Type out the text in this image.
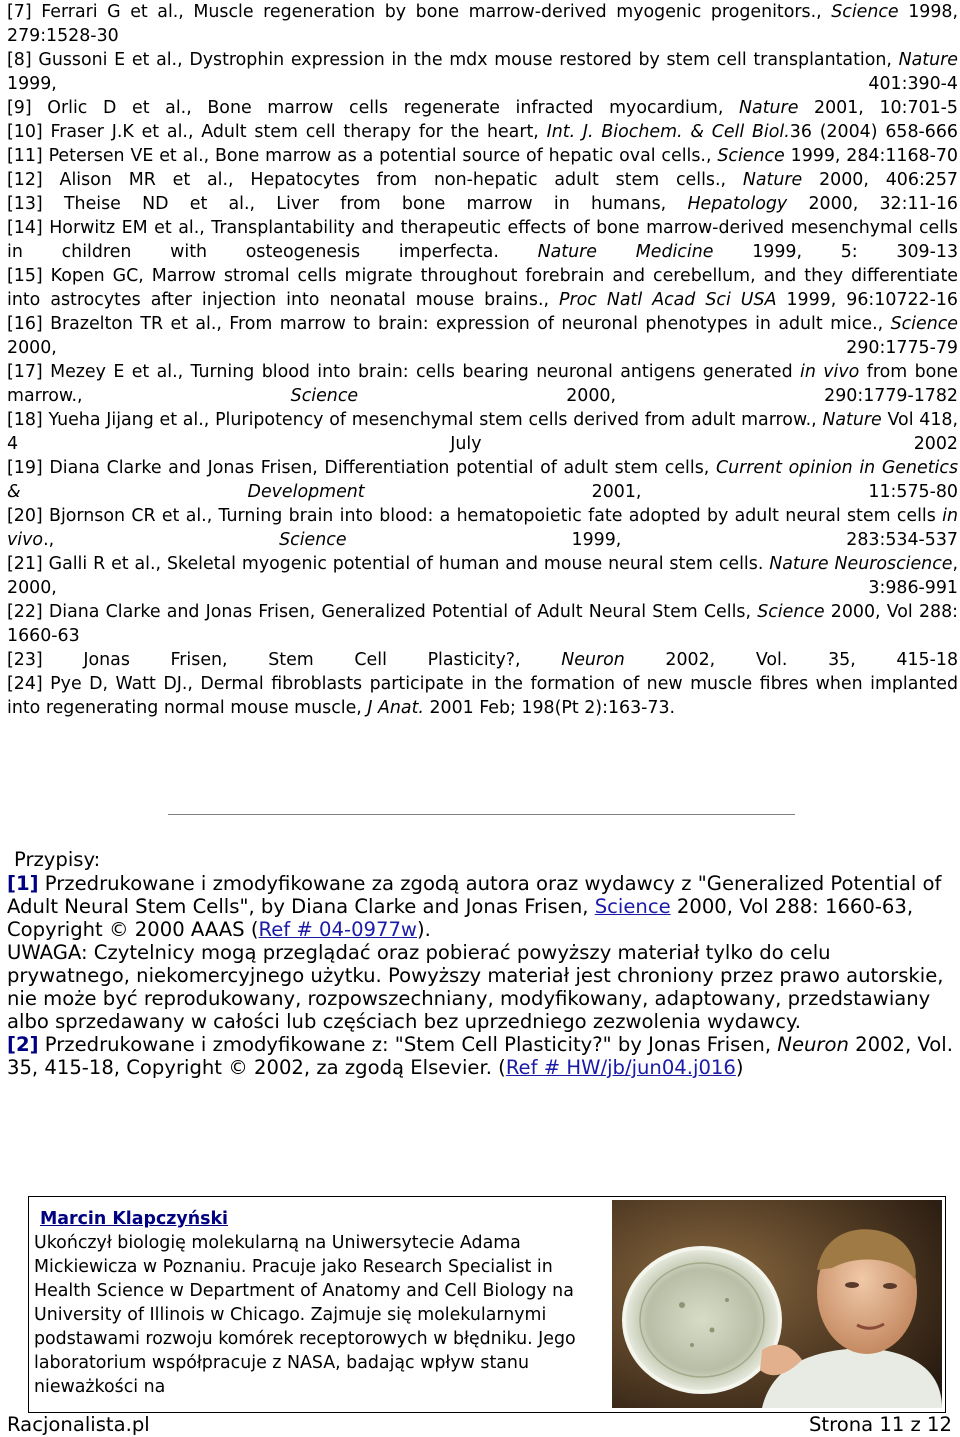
[7] Ferrari G et al., Muscle regeneration by bone marrow-derived myogenic progenitors., Science 1998, 279:1528-30

[8] Gussoni E et al., Dystrophin expression in the mdx mouse restored by stem cell transplantation, Nature 1999, 401:390-4

[9] Orlic D et al., Bone marrow cells regenerate infracted myocardium, Nature 2001, 10:701-5

[10] Fraser J.K et al., Adult stem cell therapy for the heart, Int. J. Biochem. & Cell Biol.36 (2004) 658-666

[11] Petersen VE et al., Bone marrow as a potential source of hepatic oval cells., Science 1999, 284:1168-70

[12] Alison MR et al., Hepatocytes from non-hepatic adult stem cells., Nature 2000, 406:257

[13] Theise ND et al., Liver from bone marrow in humans, Hepatology 2000, 32:11-16

[14] Horwitz EM et al., Transplantability and therapeutic effects of bone marrow-derived mesenchymal cells in children with osteogenesis imperfecta. Nature Medicine 1999, 5: 309-13

[15] Kopen GC, Marrow stromal cells migrate throughout forebrain and cerebellum, and they differentiate into astrocytes after injection into neonatal mouse brains., Proc Natl Acad Sci USA 1999, 96:10722-16

[16] Brazelton TR et al., From marrow to brain: expression of neuronal phenotypes in adult mice., Science 2000, 290:1775-79

[17] Mezey E et al., Turning blood into brain: cells bearing neuronal antigens generated in vivo from bone marrow., Science 2000, 290:1779-1782

[18] Yueha Jijang et al., Pluripotency of mesenchymal stem cells derived from adult marrow., Nature Vol 418, 4 July 2002

[19] Diana Clarke and Jonas Frisen, Differentiation potential of adult stem cells, Current opinion in Genetics & Development 2001, 11:575-80

[20] Bjornson CR et al., Turning brain into blood: a hematopoietic fate adopted by adult neural stem cells in vivo., Science 1999, 283:534-537

[21] Galli R et al., Skeletal myogenic potential of human and mouse neural stem cells. Nature Neuroscience, 2000, 3:986-991

[22] Diana Clarke and Jonas Frisen, Generalized Potential of Adult Neural Stem Cells, Science 2000, Vol 288: 1660-63

[23] Jonas Frisen, Stem Cell Plasticity?, Neuron 2002, Vol. 35, 415-18

[24] Pye D, Watt DJ., Dermal fibroblasts participate in the formation of new muscle fibres when implanted into regenerating normal mouse muscle, J Anat. 2001 Feb; 198(Pt 2):163-73.

Przypisy:

[1] Przedrukowane i zmodyfikowane za zgodą autora oraz wydawcy z "Generalized Potential of Adult Neural Stem Cells", by Diana Clarke and Jonas Frisen, Science 2000, Vol 288: 1660-63, Copyright © 2000 AAAS (Ref # 04-0977w).

UWAGA: Czytelnicy mogą przeglądać oraz pobierać powyższy materiał tylko do celu prywatnego, niekomercyjnego użytku. Powyższy materiał jest chroniony przez prawo autorskie, nie może być reprodukowany, rozpowszechniany, modyfikowany, adaptowany, przedstawiany albo sprzedawany w całości lub częściach bez uprzedniego zezwolenia wydawcy.

[2] Przedrukowane i zmodyfikowane z: "Stem Cell Plasticity?" by Jonas Frisen, Neuron 2002, Vol. 35, 415-18, Copyright © 2002, za zgodą Elsevier. (Ref # HW/jb/jun04.j016)

Marcin Klapczyński
Ukończył biologię molekularną na Uniwersytecie Adama Mickiewicza w Poznaniu. Pracuje jako Research Specialist in Health Science w Department of Anatomy and Cell Biology na University of Illinois w Chicago. Zajmuje się molekularnymi podstawami rozwoju komórek receptorowych w błędniku. Jego laboratorium współpracuje z NASA, badając wpływ stanu nieważkości na
Racjonalista.pl	Strona 11 z 12
